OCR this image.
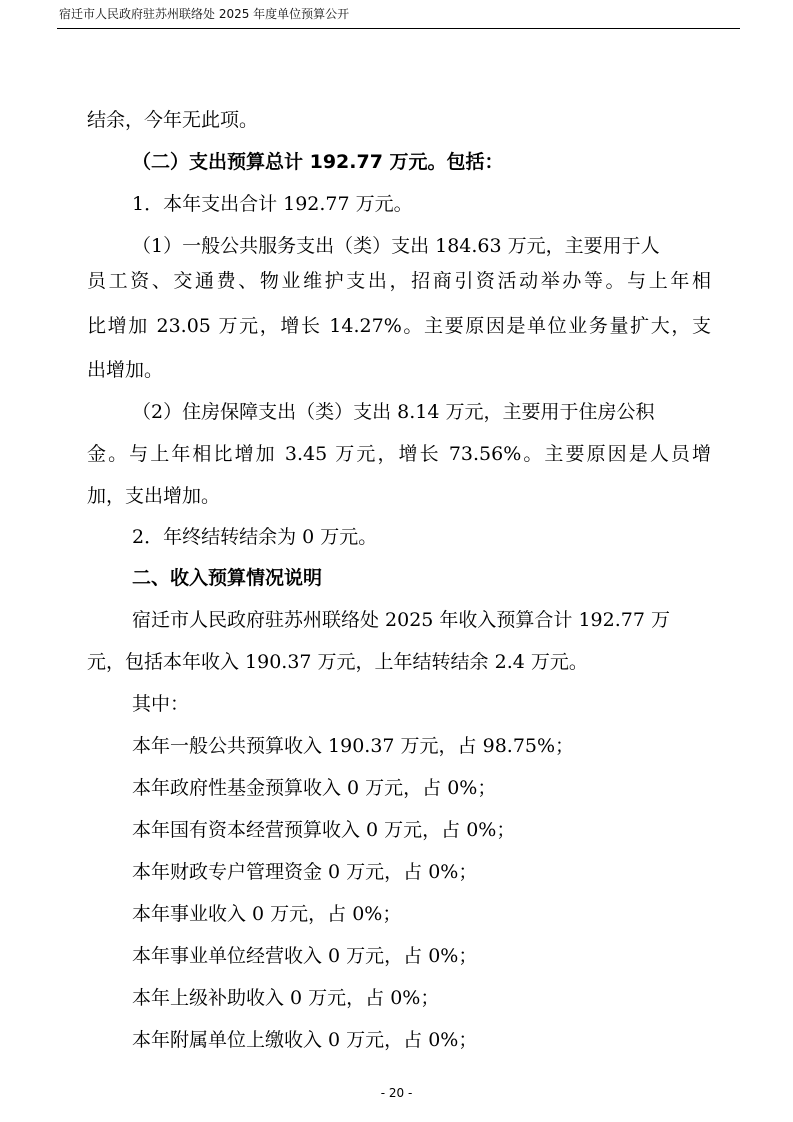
宿迁市人民政府驻苏州联络处 2025 年度单位预算公开
结余，今年无此项。
（二）支出预算总计 192.77 万元。包括：
1．本年支出合计 192.77 万元。
（1）一般公共服务支出（类）支出 184.63 万元，主要用于人
员工资、交通费、物业维护支出，招商引资活动举办等。与上年相
比增加 23.05 万元，增长 14.27%。主要原因是单位业务量扩大，支
出增加。
（2）住房保障支出（类）支出 8.14 万元，主要用于住房公积
金。与上年相比增加 3.45 万元，增长 73.56%。主要原因是人员增
加，支出增加。
2．年终结转结余为 0 万元。
二、收入预算情况说明
宿迁市人民政府驻苏州联络处 2025 年收入预算合计 192.77 万
元，包括本年收入 190.37 万元，上年结转结余 2.4 万元。
其中：
本年一般公共预算收入 190.37 万元，占 98.75%；
本年政府性基金预算收入 0 万元，占 0%；
本年国有资本经营预算收入 0 万元，占 0%；
本年财政专户管理资金 0 万元，占 0%；
本年事业收入 0 万元，占 0%；
本年事业单位经营收入 0 万元，占 0%；
本年上级补助收入 0 万元，占 0%；
本年附属单位上缴收入 0 万元，占 0%；
- 20 -
